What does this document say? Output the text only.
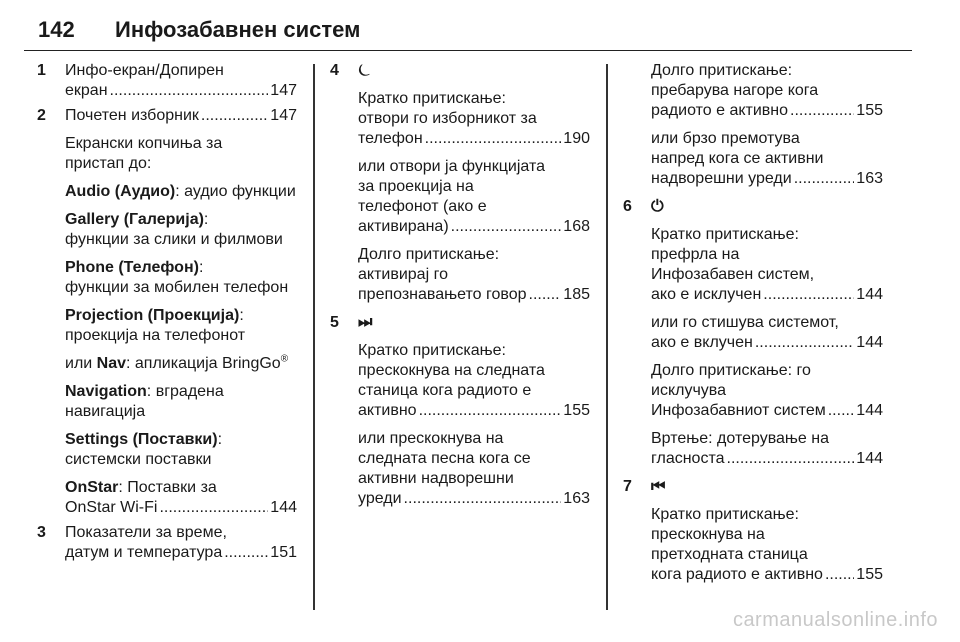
142 Инфозабавнен систем
1 Инфо-екран/Допирен
екран .....	147
2 Почетен изборник .....	147
Екрански копчиња за
пристап до:
Audio (Аудио): аудио функции
Gallery (Галерија):
функции за слики и филмови
Phone (Телефон):
функции за мобилен телефон
Projection (Проекција):
проекција на телефонот
или Nav: апликација BringGo®
Navigation: вградена
навигација
Settings (Поставки):
системски поставки
OnStar: Поставки за
OnStar Wi-Fi .....	144
3 Показатели за време,
датум и температура .....	151
4 ⏾
Кратко притискање:
отвори го изборникот за
телефон .....	190
или отвори ја функцијата
за проекција на
телефонот (ако е
активирана) .....	168
Долго притискање:
активирај го
препознавањето говор ..... 185
5 ⏭
Кратко притискање:
прескокнува на следната
станица кога радиото е
активно .....	155
или прескокнува на
следната песна кога се
активни надворешни
уреди .....	163
Долго притискање:
пребарува нагоре кога
радиото е активно .....	155
или брзо премотува
напред кога се активни
надворешни уреди .....	163
6 ⏻
Кратко притискање:
префрла на
Инфозабавен систем,
ако е исклучен .....	144
или го стишува системот,
ако е вклучен .....	144
Долго притискање: го
исклучува
Инфозабавниот систем ..... 144
Вртење: дотерување на
гласноста .....	144
7 ⏮
Кратко притискање:
прескокнува на
претходната станица
кога радиото е активно ..... 155
carmanualsonline.info
